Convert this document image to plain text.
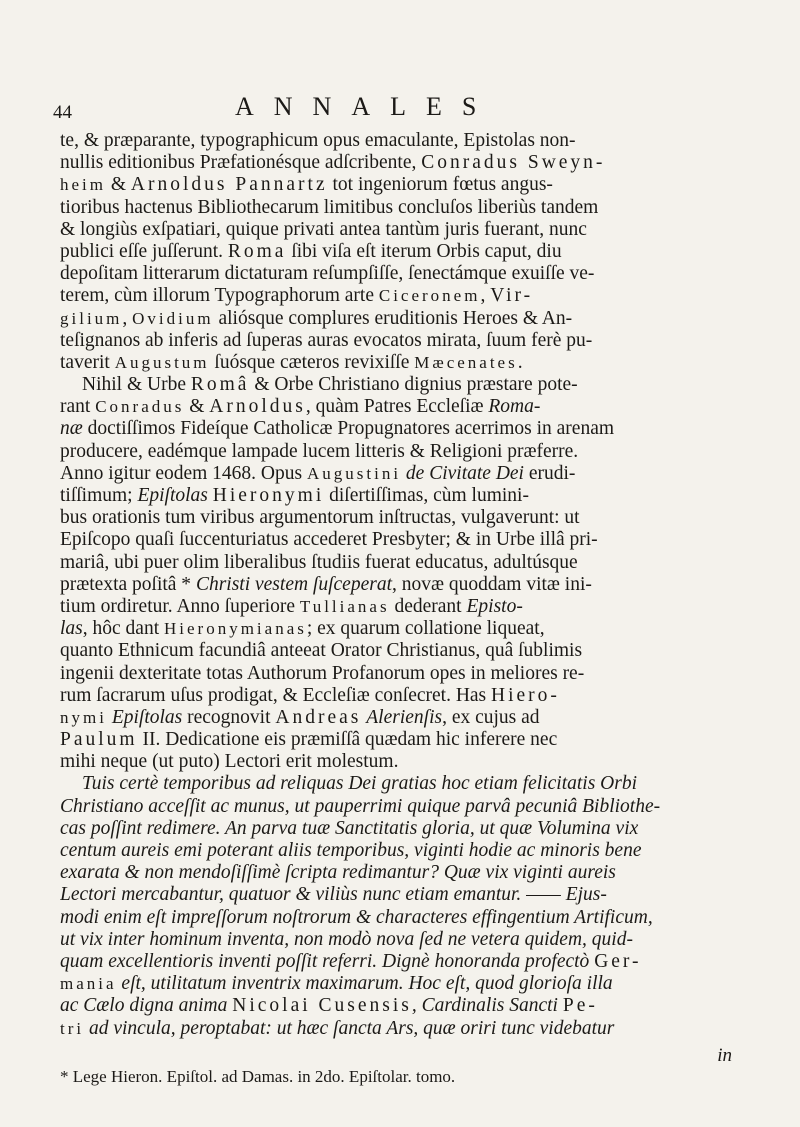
44	ANNALES
te, & præparante, typographicum opus emaculante, Epistolas non-
nullis editionibus Præfationésque adſcribente, Conradus Sweyn-
heim & Arnoldus Pannartz tot ingeniorum fœtus angus-
tioribus hactenus Bibliothecarum limitibus concluſos liberiùs tandem
& longiùs exſpatiari, quique privati antea tantùm juris fuerant, nunc
publici eſſe juſſerunt. Roma ſibi viſa eſt iterum Orbis caput, diu
depoſitam litterarum dictaturam reſumpſiſſe, ſenectámque exuiſſe ve-
terem, cùm illorum Typographorum arte Ciceronem, Vir-
gilium, Ovidium aliósque complures eruditionis Heroes & An-
teſignanos ab inferis ad ſuperas auras evocatos mirata, ſuum ferè pu-
taverit Augustum ſuósque cæteros revixiſſe Mæcenates.
Nihil & Urbe Româ & Orbe Christiano dignius præstare pote-
rant Conradus & Arnoldus, quàm Patres Eccleſiæ Roma-
næ doctiſſimos Fideíque Catholicæ Propugnatores acerrimos in arenam
producere, eadémque lampade lucem litteris & Religioni præferre.
Anno igitur eodem 1468. Opus Augustini de Civitate Dei erudi-
tiſſimum; Epiſtolas Hieronymi diſertiſſimas, cùm lumini-
bus orationis tum viribus argumentorum inſtructas, vulgaverunt: ut
Epiſcopo quaſi ſuccenturiatus accederet Presbyter; & in Urbe illâ pri-
mariâ, ubi puer olim liberalibus ſtudiis fuerat educatus, adultúsque
prætexta poſitâ * Christi vestem ſuſceperat, novæ quoddam vitæ ini-
tium ordiretur. Anno ſuperiore Tullianas dederant Episto-
las, hôc dant Hieronymianas; ex quarum collatione liqueat,
quanto Ethnicum facundiâ anteeat Orator Christianus, quâ ſublimis
ingenii dexteritate totas Authorum Profanorum opes in meliores re-
rum ſacrarum uſus prodigat, & Eccleſiæ conſecret. Has Hiero-
nymi Epiſtolas recognovit Andreas Alerienſis, ex cujus ad
Paulum II. Dedicatione eis præmiſſâ quædam hic inferere nec
mihi neque (ut puto) Lectori erit molestum.
Tuis certè temporibus ad reliquas Dei gratias hoc etiam felicitatis Orbi
Christiano acceſſit ac munus, ut pauperrimi quique parvâ pecuniâ Bibliothe-
cas poſſint redimere. An parva tuæ Sanctitatis gloria, ut quæ Volumina vix
centum aureis emi poterant aliis temporibus, viginti hodie ac minoris bene
exarata & non mendoſiſſimè ſcripta redimantur? Quæ vix viginti aureis
Lectori mercabantur, quatuor & viliùs nunc etiam emantur. —— Ejus-
modi enim eſt impreſſorum noſtrorum & characteres effingentium Artificum,
ut vix inter hominum inventa, non modò nova ſed ne vetera quidem, quid-
quam excellentioris inventi poſſit referri. Dignè honoranda profectò Ger-
mania eſt, utilitatum inventrix maximarum. Hoc eſt, quod glorioſa illa
ac Cælo digna anima Nicolai Cusensis, Cardinalis Sancti Pe-
tri ad vincula, peroptabat: ut hæc ſancta Ars, quæ oriri tunc videbatur
in
* Lege Hieron. Epiſtol. ad Damas. in 2do. Epiſtolar. tomo.
